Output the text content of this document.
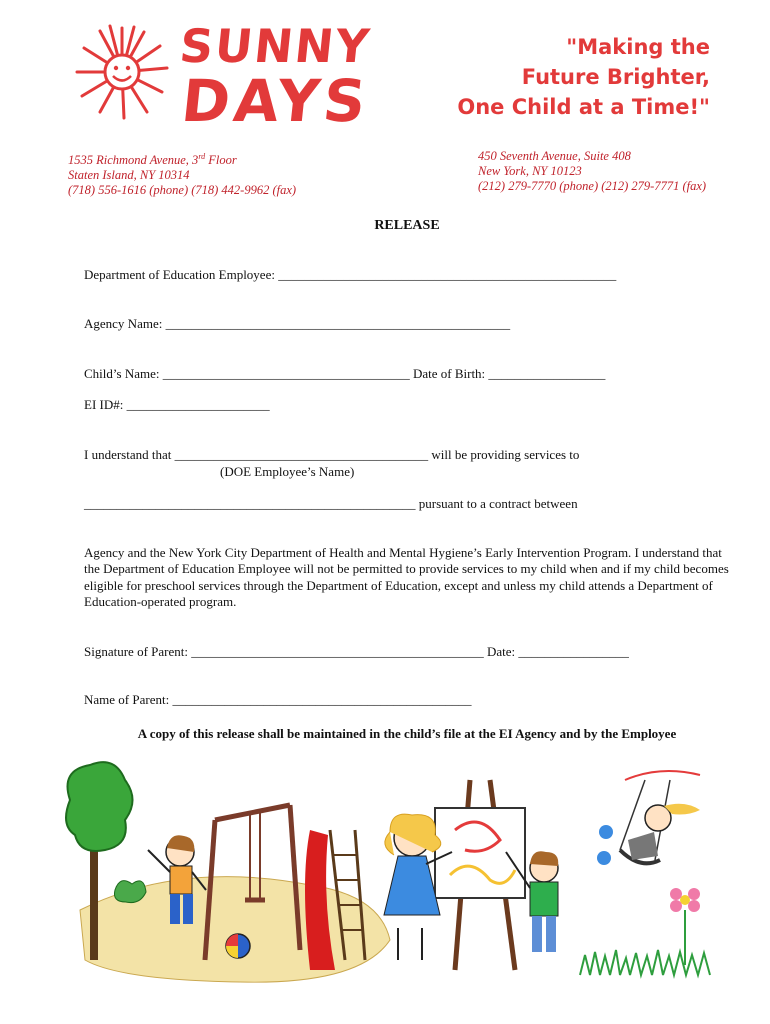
SUNNY
DAYS
"Making the
Future Brighter,
One Child at a Time!"
1535 Richmond Avenue, 3rd Floor
Staten Island, NY 10314
(718) 556-1616 (phone) (718) 442-9962 (fax)
450 Seventh Avenue, Suite 408
New York, NY 10123
(212) 279-7770 (phone) (212) 279-7771 (fax)
RELEASE
Department of Education Employee: ____________________________________________________
Agency Name: _____________________________________________________
Child’s Name: ______________________________________ Date of Birth: __________________
EI ID#: ______________________
I understand that _______________________________________ will be providing services to
(DOE Employee’s Name)
___________________________________________________ pursuant to a contract between
Agency and the New York City Department of Health and Mental Hygiene’s Early Intervention Program. I understand that the Department of Education Employee will not be permitted to provide services to my child when and if my child becomes eligible for preschool services through the Department of Education, except and unless my child attends a Department of Education-operated program.
Signature of Parent: _____________________________________________ Date: _________________
Name of Parent: ______________________________________________
A copy of this release shall be maintained in the child’s file at the EI Agency and by the Employee
